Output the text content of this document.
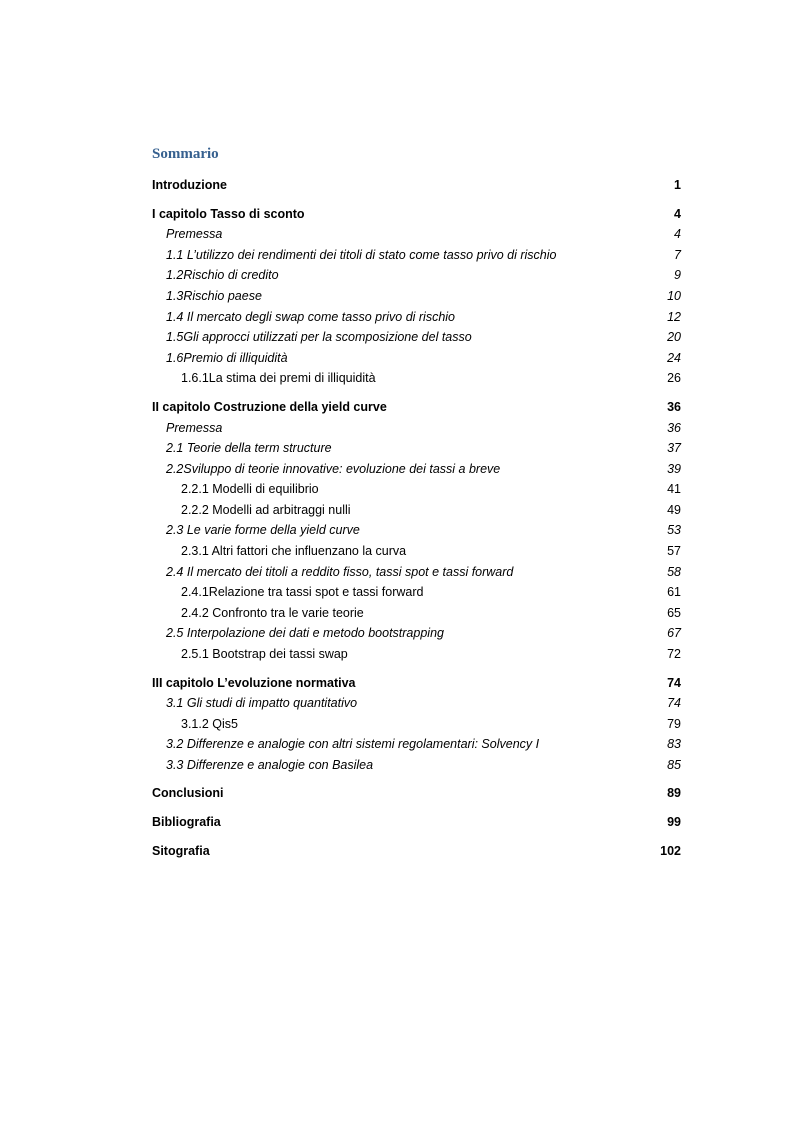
Sommario
Introduzione	1
I capitolo Tasso di sconto	4
Premessa	4
1.1 L’utilizzo dei rendimenti dei titoli di stato come tasso privo di rischio	7
1.2Rischio di credito	9
1.3Rischio paese	10
1.4 Il mercato degli swap come tasso privo di rischio	12
1.5Gli approcci utilizzati per la scomposizione del tasso	20
1.6Premio di illiquidità	24
1.6.1La stima dei premi di illiquidità	26
II capitolo Costruzione della yield curve	36
Premessa	36
2.1 Teorie della term structure	37
2.2Sviluppo di teorie innovative: evoluzione dei tassi a breve	39
2.2.1 Modelli di equilibrio	41
2.2.2 Modelli ad arbitraggi nulli	49
2.3 Le varie forme della yield curve	53
2.3.1 Altri fattori che influenzano la curva	57
2.4 Il mercato dei titoli a reddito fisso, tassi spot e tassi forward	58
2.4.1Relazione tra tassi spot e tassi forward	61
2.4.2 Confronto tra le varie teorie	65
2.5 Interpolazione dei dati e metodo bootstrapping	67
2.5.1 Bootstrap dei tassi swap	72
III capitolo L’evoluzione normativa	74
3.1 Gli studi di impatto quantitativo	74
3.1.2 Qis5	79
3.2 Differenze e analogie con altri sistemi regolamentari: Solvency I	83
3.3 Differenze e analogie con Basilea	85
Conclusioni	89
Bibliografia	99
Sitografia	102
